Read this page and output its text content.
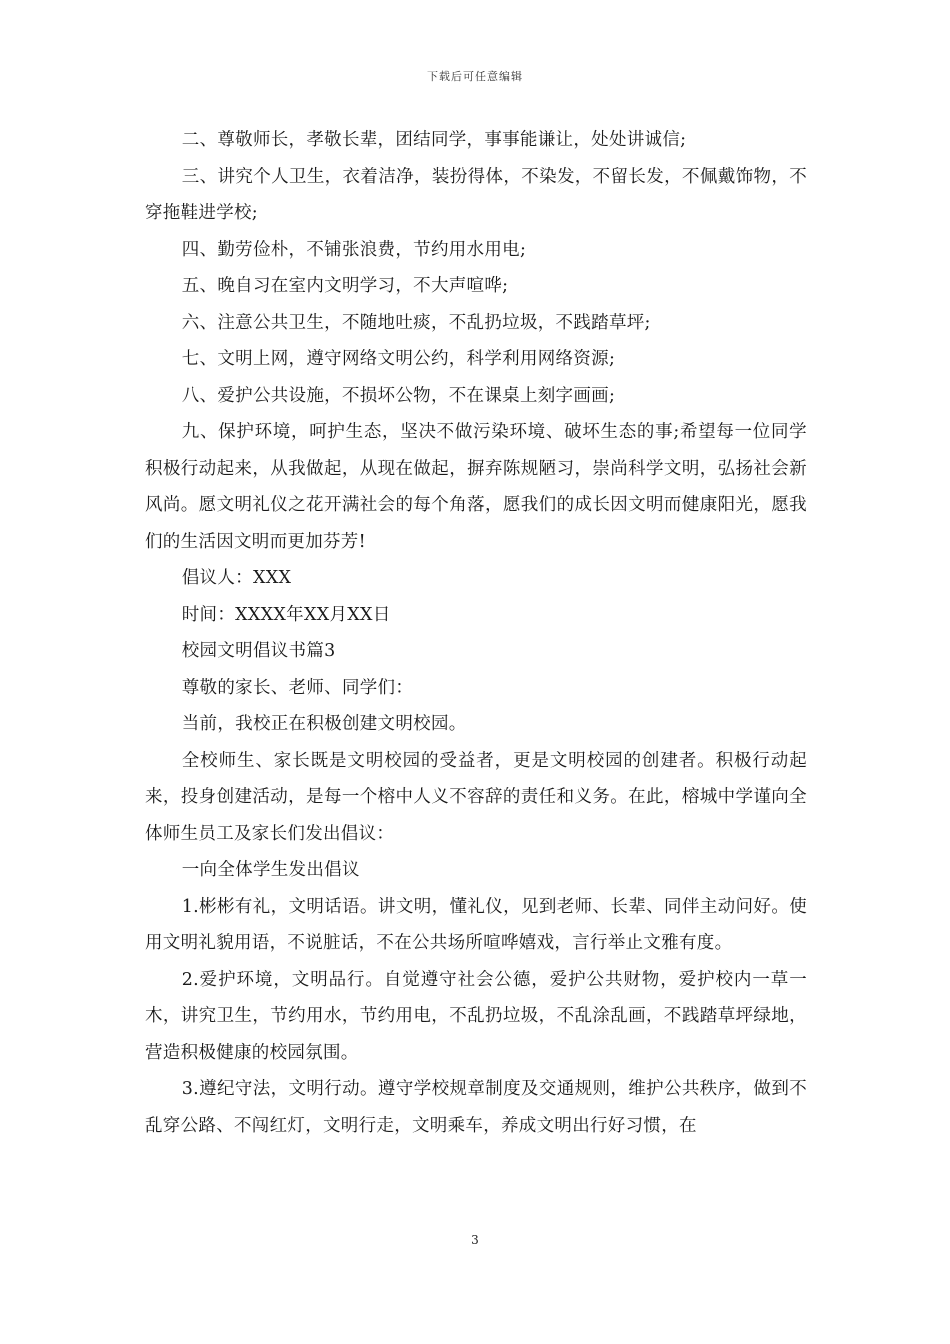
下载后可任意编辑

二、尊敬师长，孝敬长辈，团结同学，事事能谦让，处处讲诚信;

三、讲究个人卫生，衣着洁净，装扮得体，不染发，不留长发，不佩戴饰物，不穿拖鞋进学校;

四、勤劳俭朴，不铺张浪费，节约用水用电;

五、晚自习在室内文明学习，不大声喧哗;

六、注意公共卫生，不随地吐痰，不乱扔垃圾，不践踏草坪;

七、文明上网，遵守网络文明公约，科学利用网络资源;

八、爱护公共设施，不损坏公物，不在课桌上刻字画画;

九、保护环境，呵护生态，坚决不做污染环境、破坏生态的事;希望每一位同学积极行动起来，从我做起，从现在做起，摒弃陈规陋习，崇尚科学文明，弘扬社会新风尚。愿文明礼仪之花开满社会的每个角落，愿我们的成长因文明而健康阳光，愿我们的生活因文明而更加芬芳!

倡议人：XXX

时间：XXXX年XX月XX日

校园文明倡议书篇3

尊敬的家长、老师、同学们：

当前，我校正在积极创建文明校园。

全校师生、家长既是文明校园的受益者，更是文明校园的创建者。积极行动起来，投身创建活动，是每一个榕中人义不容辞的责任和义务。在此，榕城中学谨向全体师生员工及家长们发出倡议：

一向全体学生发出倡议

1.彬彬有礼，文明话语。讲文明，懂礼仪，见到老师、长辈、同伴主动问好。使用文明礼貌用语，不说脏话，不在公共场所喧哗嬉戏，言行举止文雅有度。

2.爱护环境，文明品行。自觉遵守社会公德，爱护公共财物，爱护校内一草一木，讲究卫生，节约用水，节约用电，不乱扔垃圾，不乱涂乱画，不践踏草坪绿地，营造积极健康的校园氛围。

3.遵纪守法，文明行动。遵守学校规章制度及交通规则，维护公共秩序，做到不乱穿公路、不闯红灯，文明行走，文明乘车，养成文明出行好习惯，在

3
